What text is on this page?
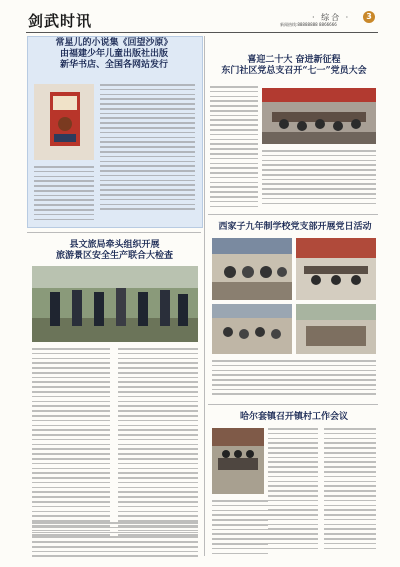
剑武时讯	新闻热线:88888888 8866666
· 综合 ·	3
常星儿的小说集《回望沙原》
由福建少年儿童出版社出版
新华书店、全国各网站发行	喜迎二十大 奋进新征程
东门社区党总支召开“七一”党员大会
县文旅局牵头组织开展
旅游景区安全生产联合大检查
西家子九年制学校党支部开展党日活动
哈尔套镇召开镇村工作会议
